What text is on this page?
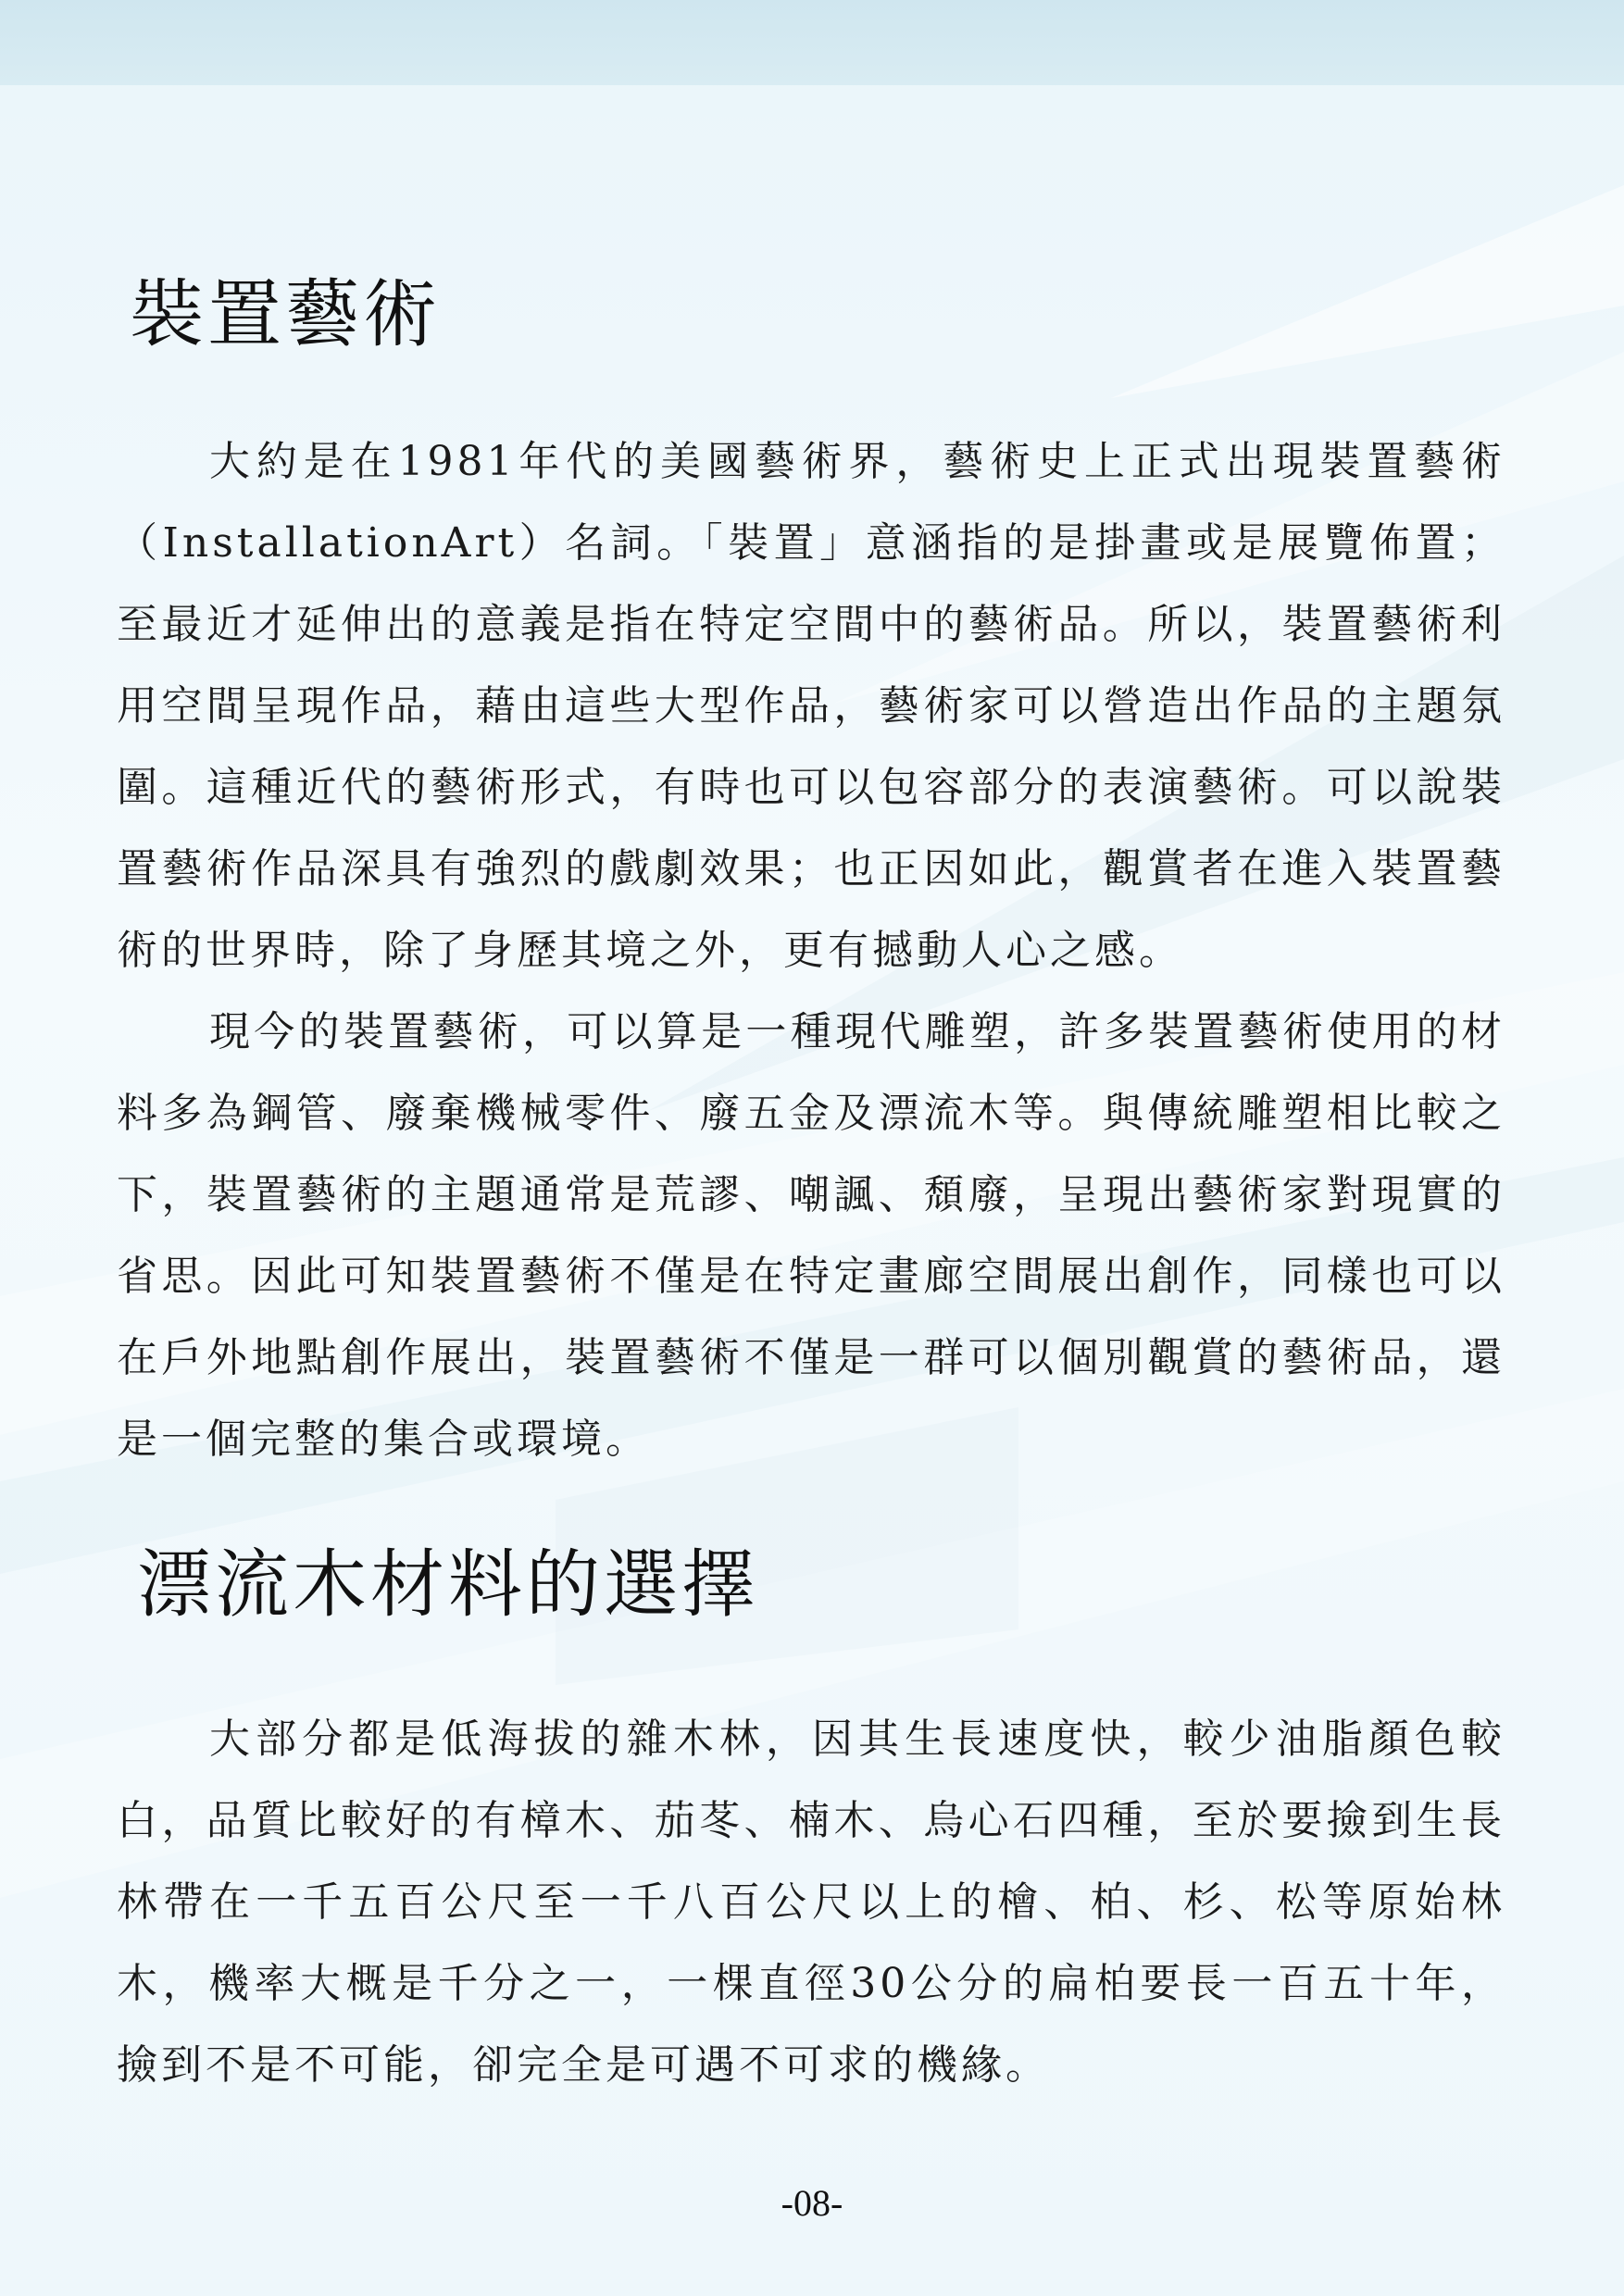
裝置藝術

大約是在1981年代的美國藝術界，藝術史上正式出現裝置藝術（InstallationArt）名詞。「裝置」意涵指的是掛畫或是展覽佈置；至最近才延伸出的意義是指在特定空間中的藝術品。所以，裝置藝術利用空間呈現作品，藉由這些大型作品，藝術家可以營造出作品的主題氛圍。這種近代的藝術形式，有時也可以包容部分的表演藝術。可以說裝置藝術作品深具有強烈的戲劇效果；也正因如此，觀賞者在進入裝置藝術的世界時，除了身歷其境之外，更有撼動人心之感。

現今的裝置藝術，可以算是一種現代雕塑，許多裝置藝術使用的材料多為鋼管、廢棄機械零件、廢五金及漂流木等。與傳統雕塑相比較之下，裝置藝術的主題通常是荒謬、嘲諷、頹廢，呈現出藝術家對現實的省思。因此可知裝置藝術不僅是在特定畫廊空間展出創作，同樣也可以在戶外地點創作展出，裝置藝術不僅是一群可以個別觀賞的藝術品，還是一個完整的集合或環境。

漂流木材料的選擇

大部分都是低海拔的雜木林，因其生長速度快，較少油脂顏色較白，品質比較好的有樟木、茄苳、楠木、烏心石四種，至於要撿到生長林帶在一千五百公尺至一千八百公尺以上的檜、柏、杉、松等原始林木，機率大概是千分之一，一棵直徑30公分的扁柏要長一百五十年，撿到不是不可能，卻完全是可遇不可求的機緣。

-08-
